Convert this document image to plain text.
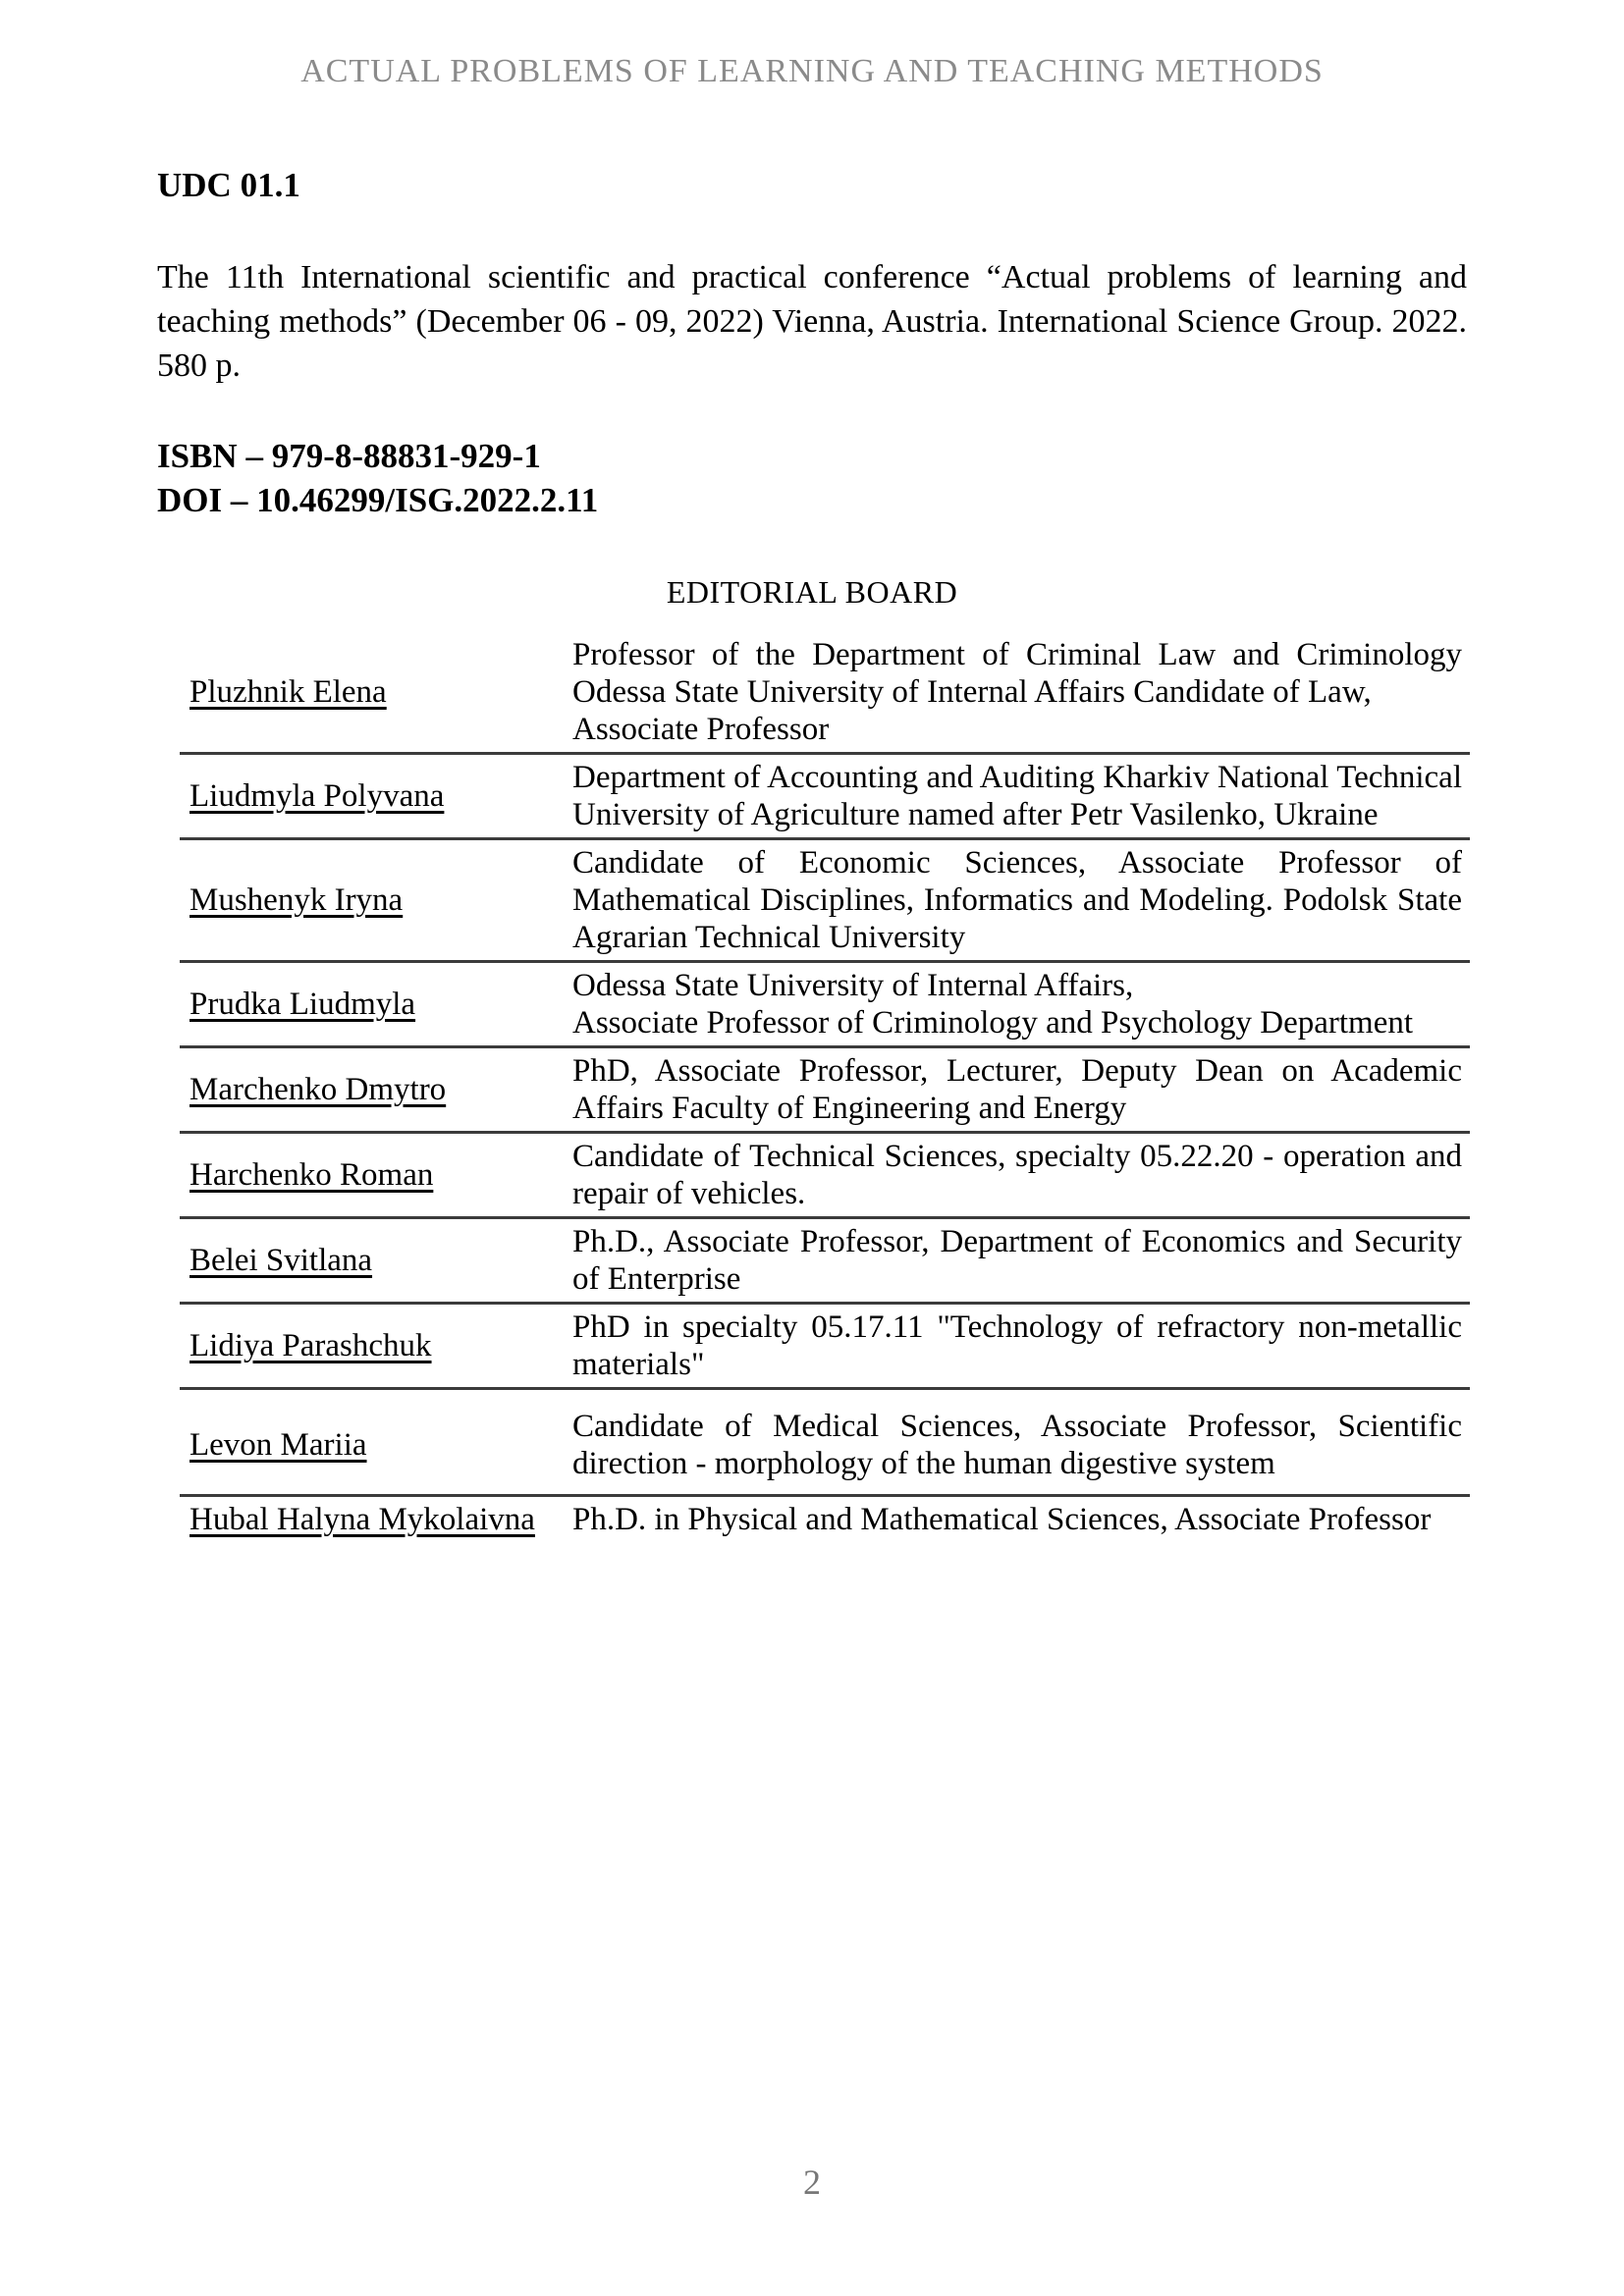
ACTUAL PROBLEMS OF LEARNING AND TEACHING METHODS
UDC 01.1
The 11th International scientific and practical conference “Actual problems of learning and teaching methods” (December 06 - 09, 2022) Vienna, Austria. International Science Group. 2022. 580 p.
ISBN – 979-8-88831-929-1
DOI – 10.46299/ISG.2022.2.11
EDITORIAL BOARD
Pluzhnik Elena	Professor of the Department of Criminal Law and Criminology Odessa State University of Internal Affairs Candidate of Law,
Associate Professor

Liudmyla Polyvana	Department of Accounting and Auditing Kharkiv National Technical University of Agriculture named after Petr Vasilenko, Ukraine

Mushenyk Iryna	Candidate of Economic Sciences, Associate Professor of Mathematical Disciplines, Informatics and Modeling. Podolsk State Agrarian Technical University

Prudka Liudmyla	Odessa State University of Internal Affairs,
Associate Professor of Criminology and Psychology Department

Marchenko Dmytro	PhD, Associate Professor, Lecturer, Deputy Dean on Academic Affairs Faculty of Engineering and Energy

Harchenko Roman	Candidate of Technical Sciences, specialty 05.22.20 - operation and repair of vehicles.

Belei Svitlana	Ph.D., Associate Professor, Department of Economics and Security of Enterprise

Lidiya Parashchuk	PhD in specialty 05.17.11 "Technology of refractory non-metallic materials"

Levon Mariia	Candidate of Medical Sciences, Associate Professor, Scientific direction - morphology of the human digestive system

Hubal Halyna Mykolaivna	Ph.D. in Physical and Mathematical Sciences, Associate Professor
2
